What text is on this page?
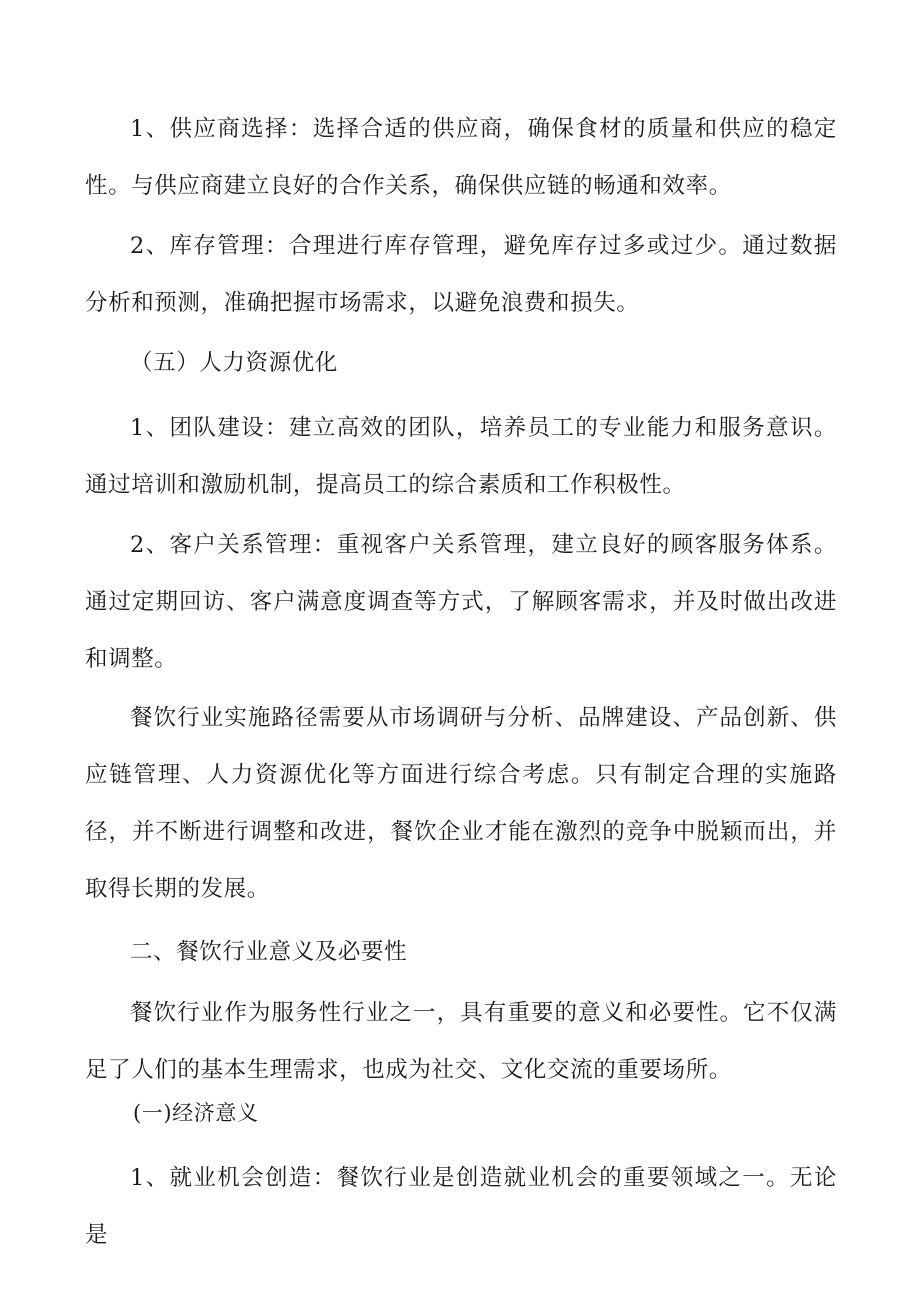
1、供应商选择：选择合适的供应商，确保食材的质量和供应的稳定性。与供应商建立良好的合作关系，确保供应链的畅通和效率。

2、库存管理：合理进行库存管理，避免库存过多或过少。通过数据分析和预测，准确把握市场需求，以避免浪费和损失。

（五）人力资源优化

1、团队建设：建立高效的团队，培养员工的专业能力和服务意识。通过培训和激励机制，提高员工的综合素质和工作积极性。

2、客户关系管理：重视客户关系管理，建立良好的顾客服务体系。通过定期回访、客户满意度调查等方式，了解顾客需求，并及时做出改进和调整。

餐饮行业实施路径需要从市场调研与分析、品牌建设、产品创新、供应链管理、人力资源优化等方面进行综合考虑。只有制定合理的实施路径，并不断进行调整和改进，餐饮企业才能在激烈的竞争中脱颖而出，并取得长期的发展。

二、餐饮行业意义及必要性

餐饮行业作为服务性行业之一，具有重要的意义和必要性。它不仅满足了人们的基本生理需求，也成为社交、文化交流的重要场所。

(一)经济意义

1、就业机会创造：餐饮行业是创造就业机会的重要领域之一。无论是
